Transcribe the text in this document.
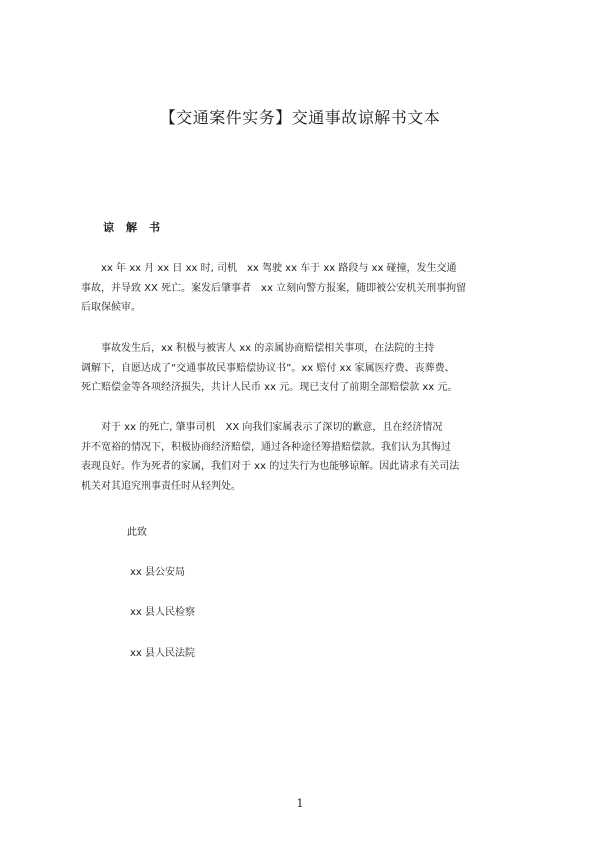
【交通案件实务】交通事故谅解书文本
谅解书

　　xx 年 xx 月 xx 日 xx 时, 司机　xx 驾驶 xx 车于 xx 路段与 xx 碰撞，发生交通
事故，并导致 XX 死亡。案发后肇事者　xx 立刻向警方报案，随即被公安机关刑事拘留
后取保候审。

　　事故发生后，xx 积极与被害人 xx 的亲属协商赔偿相关事项，在法院的主持
调解下，自愿达成了“交通事故民事赔偿协议书”。xx 赔付 xx 家属医疗费、丧葬费、
死亡赔偿金等各项经济损失，共计人民币 xx 元。现已支付了前期全部赔偿款 xx 元。

　　对于 xx 的死亡, 肇事司机　XX 向我们家属表示了深切的歉意，且在经济情况
并不宽裕的情况下，积极协商经济赔偿，通过各种途径筹措赔偿款。我们认为其悔过
表现良好。作为死者的家属，我们对于 xx 的过失行为也能够谅解。因此请求有关司法
机关对其追究刑事责任时从轻判处。

此致

xx 县公安局

xx 县人民检察

xx 县人民法院

1
